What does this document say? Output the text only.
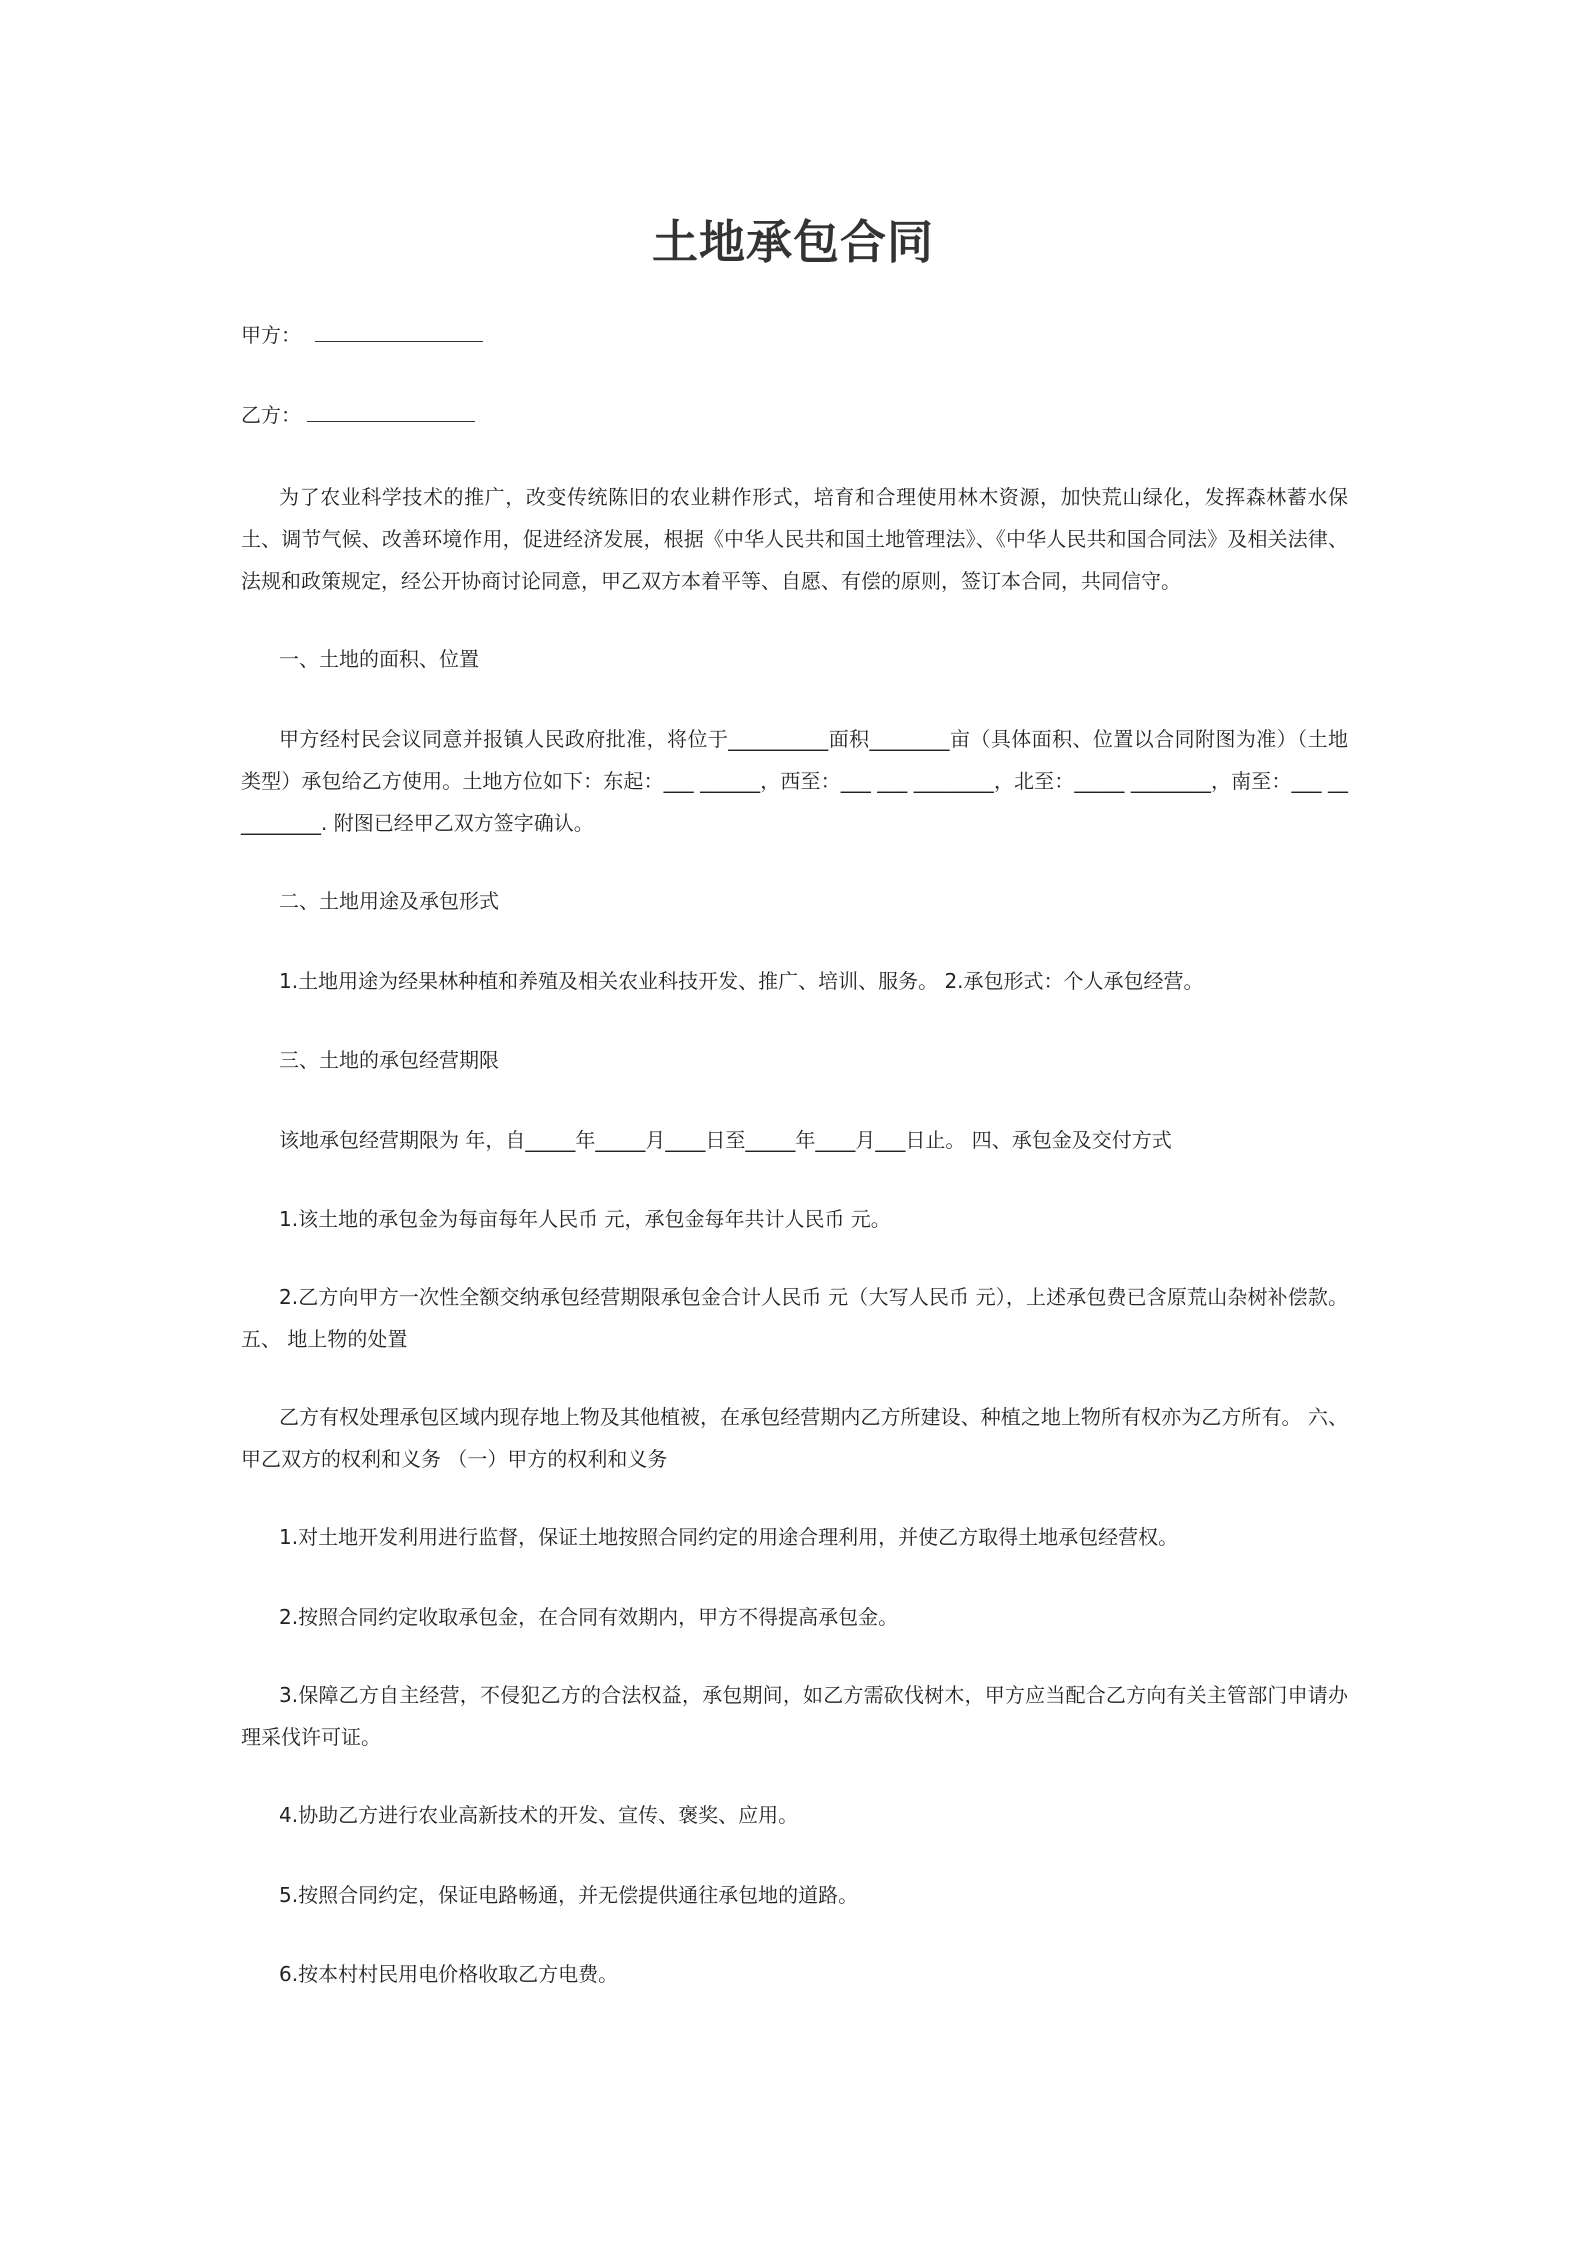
土地承包合同
甲方：
乙方：
为了农业科学技术的推广，改变传统陈旧的农业耕作形式，培育和合理使用林木资源，加快荒山绿化，发挥森林蓄水保土、调节气候、改善环境作用，促进经济发展，根据《中华人民共和国土地管理法》、《中华人民共和国合同法》及相关法律、法规和政策规定，经公开协商讨论同意，甲乙双方本着平等、自愿、有偿的原则，签订本合同，共同信守。
一、土地的面积、位置
甲方经村民会议同意并报镇人民政府批准，将位于__________面积________亩（具体面积、位置以合同附图为准）（土地类型）承包给乙方使用。土地方位如下：东起：___ ______，西至：___ ___ ________，北至：_____ ________，南至：___ __ ________. 附图已经甲乙双方签字确认。
二、土地用途及承包形式
1.土地用途为经果林种植和养殖及相关农业科技开发、推广、培训、服务。 2.承包形式：个人承包经营。
三、土地的承包经营期限
该地承包经营期限为 年，自_____年_____月____日至_____年____月___日止。 四、承包金及交付方式
1.该土地的承包金为每亩每年人民币 元，承包金每年共计人民币 元。
2.乙方向甲方一次性全额交纳承包经营期限承包金合计人民币 元（大写人民币 元），上述承包费已含原荒山杂树补偿款。 五、 地上物的处置
乙方有权处理承包区域内现存地上物及其他植被，在承包经营期内乙方所建设、种植之地上物所有权亦为乙方所有。 六、甲乙双方的权利和义务 （一）甲方的权利和义务
1.对土地开发利用进行监督，保证土地按照合同约定的用途合理利用，并使乙方取得土地承包经营权。
2.按照合同约定收取承包金，在合同有效期内，甲方不得提高承包金。
3.保障乙方自主经营，不侵犯乙方的合法权益，承包期间，如乙方需砍伐树木，甲方应当配合乙方向有关主管部门申请办理采伐许可证。
4.协助乙方进行农业高新技术的开发、宣传、褒奖、应用。
5.按照合同约定，保证电路畅通，并无偿提供通往承包地的道路。
6.按本村村民用电价格收取乙方电费。
